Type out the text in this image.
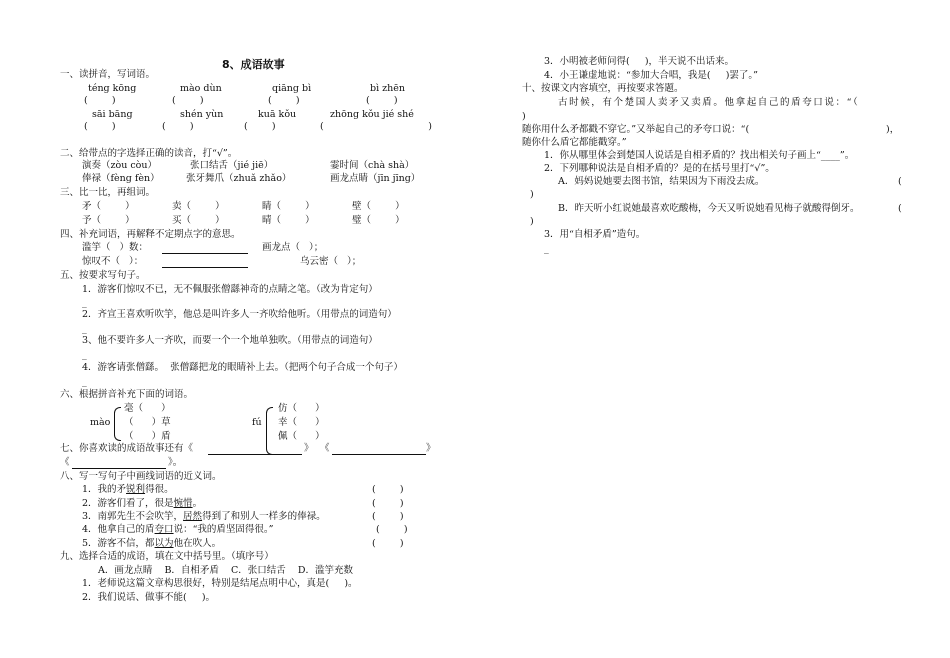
8、成语故事
一、读拼音，写词语。
téng kōng	mào dùn	qiāng bì	bì zhēn
(        )	(        )	(        )	(        )
sāi bāng	shén yùn	kuā kǒu	zhōng kǒu jié shé
(        )	(        )	(        )	(	)
二、给带点的字选择正确的读音，打“√”。
演奏（zòu còu）	张口结舌（jié jiē）	霎时间（chà shà）
俸禄（fèng fèn）	张牙舞爪（zhuǎ zhǎo）	画龙点睛（jīn jīng）
三、比一比，再组词。
矛（        ）	卖（        ）	睛（        ）	壁（        ）
予（        ）	买（        ）	晴（        ）	璧（        ）
四、补充词语，再解释不定期点字的意思。
滥竽（   ）数：	画龙点（   ）；
惊叹不（   ）：	乌云密（   ）；
五、按要求写句子。
1．游客们惊叹不已，无不佩服张僧繇神奇的点睛之笔。（改为肯定句）
_
2．齐宣王喜欢听吹竽，他总是叫许多人一齐吹给他听。（用带点的词造句）
_
3、他不要许多人一齐吹，而要一个一个地单独吹。（用带点的词造句）
_
4．游客请张僧繇。  张僧繇把龙的眼睛补上去。（把两个句子合成一个句子）
_
六、根据拼音补充下面的词语。
mào
毫（      ）
（      ）草
（      ）盾
fú
仿（      ）
幸（      ）
佩（      ）
七、你喜欢读的成语故事还有《	》 《	》
《	》。
八、写一写句子中画线词语的近义词。
1．我的矛锐利得很。	(        )
2．游客们看了，很是惋惜。	(        )
3．南郭先生不会吹竽，居然得到了和别人一样多的俸禄。	(        )
4．他拿自己的盾夸口说：“我的盾坚固得很。”	(        )
5．游客不信，都以为他在吹人。	(        )
九、选择合适的成语，填在文中括号里。（填序号）
A．画龙点睛    B．自相矛盾    C．张口结舌    D．滥竽充数
1．老师说这篇文章构思很好，特别是结尾点明中心，真是(     )。
2．我们说话、做事不能(     )。
3．小明被老师问得(     )，半天说不出话来。
4．小王谦虚地说：“参加大合唱，我是(     )罢了。”
十、按课文内容填空，再按要求答题。
古时候，有个楚国人卖矛又卖盾。他拿起自己的盾夸口说：“（
)
随你用什么矛都戳不穿它。”又举起自己的矛夸口说：“(	)，
随你什么盾它都能戳穿。”
1．你从哪里体会到楚国人说话是自相矛盾的？找出相关句子画上“____”。
2．下列哪种说法是自相矛盾的？是的在括号里打“√”。
A．妈妈说她要去图书馆，结果因为下雨没去成。	(
)
B．昨天听小红说她最喜欢吃酸梅，今天又听说她看见梅子就酸得倒牙。	(
)
3．用“自相矛盾”造句。
_
